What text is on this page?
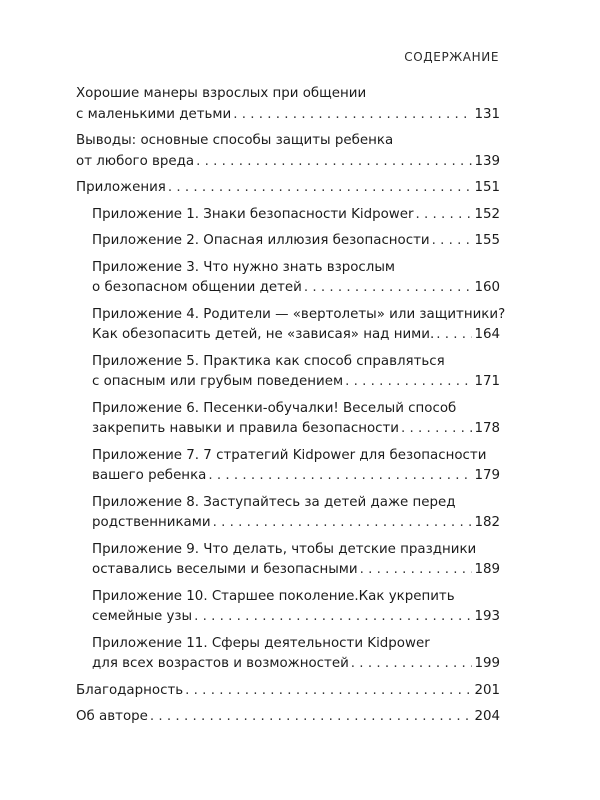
СОДЕРЖАНИЕ
Хорошие манеры взрослых при общении
с маленькими детьми . . .	131
Выводы: основные способы защиты ребенка
от любого вреда . . .	139
Приложения . . .	151
Приложение 1. Знаки безопасности Kidpower . . .	152
Приложение 2. Опасная иллюзия безопасности . . .	155
Приложение 3. Что нужно знать взрослым
о безопасном общении детей . . .	160
Приложение 4. Родители — «вертолеты» или защитники?
Как обезопасить детей, не «зависая» над ними. . . .	164
Приложение 5. Практика как способ справляться
с опасным или грубым поведением . . .	171
Приложение 6. Песенки-обучалки! Веселый способ
закрепить навыки и правила безопасности . . .	178
Приложение 7. 7 стратегий Kidpower для безопасности
вашего ребенка . . .	179
Приложение 8. Заступайтесь за детей даже перед
родственниками . . .	182
Приложение 9. Что делать, чтобы детские праздники
оставались веселыми и безопасными . . .	189
Приложение 10. Старшее поколение.Как укрепить
семейные узы . . .	193
Приложение 11. Сферы деятельности Kidpower
для всех возрастов и возможностей . . .	199
Благодарность . . .	201
Об авторе . . .	204
